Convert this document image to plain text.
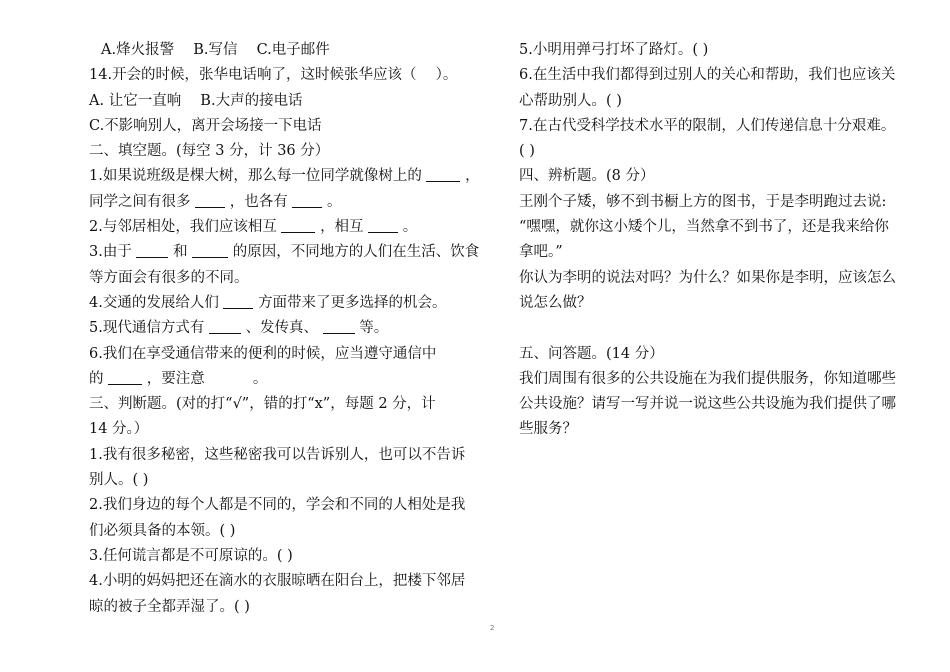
A.烽火报警　 B.写信　 C.电子邮件
14.开会的时候，张华电话响了，这时候张华应该（　 ）。
A. 让它一直响　 B.大声的接电话
C.不影响别人，离开会场接一下电话
二、填空题。(每空 3 分，计 36 分）
1.如果说班级是棵大树，那么每一位同学就像树上的	，
同学之间有很多	，也各有	。
2.与邻居相处，我们应该相互	，相互	。
3.由于	和	的原因，不同地方的人们在生活、饮食
等方面会有很多的不同。
4.交通的发展给人们	方面带来了更多选择的机会。
5.现代通信方式有	、发传真、	等。
6.我们在享受通信带来的便利的时候，应当遵守通信中
的	，要注意　　　 。
三、判断题。(对的打“√”，错的打“x”，每题 2 分，计
14 分。）
1.我有很多秘密，这些秘密我可以告诉别人，也可以不告诉
别人。( )
2.我们身边的每个人都是不同的，学会和不同的人相处是我
们必须具备的本领。( )
3.任何谎言都是不可原谅的。( )
4.小明的妈妈把还在滴水的衣服晾晒在阳台上，把楼下邻居
晾的被子全都弄湿了。( )
5.小明用弹弓打坏了路灯。( )
6.在生活中我们都得到过别人的关心和帮助，我们也应该关
心帮助别人。( )
7.在古代受科学技术水平的限制，人们传递信息十分艰难。
( )
四、辨析题。(8 分）
王刚个子矮，够不到书橱上方的图书，于是李明跑过去说:
“嘿嘿，就你这小矮个儿，当然拿不到书了，还是我来给你
拿吧。”
你认为李明的说法对吗？为什么？如果你是李明，应该怎么
说怎么做？
五、问答题。(14 分）
我们周围有很多的公共设施在为我们提供服务，你知道哪些
公共设施？请写一写并说一说这些公共设施为我们提供了哪
些服务？
2
